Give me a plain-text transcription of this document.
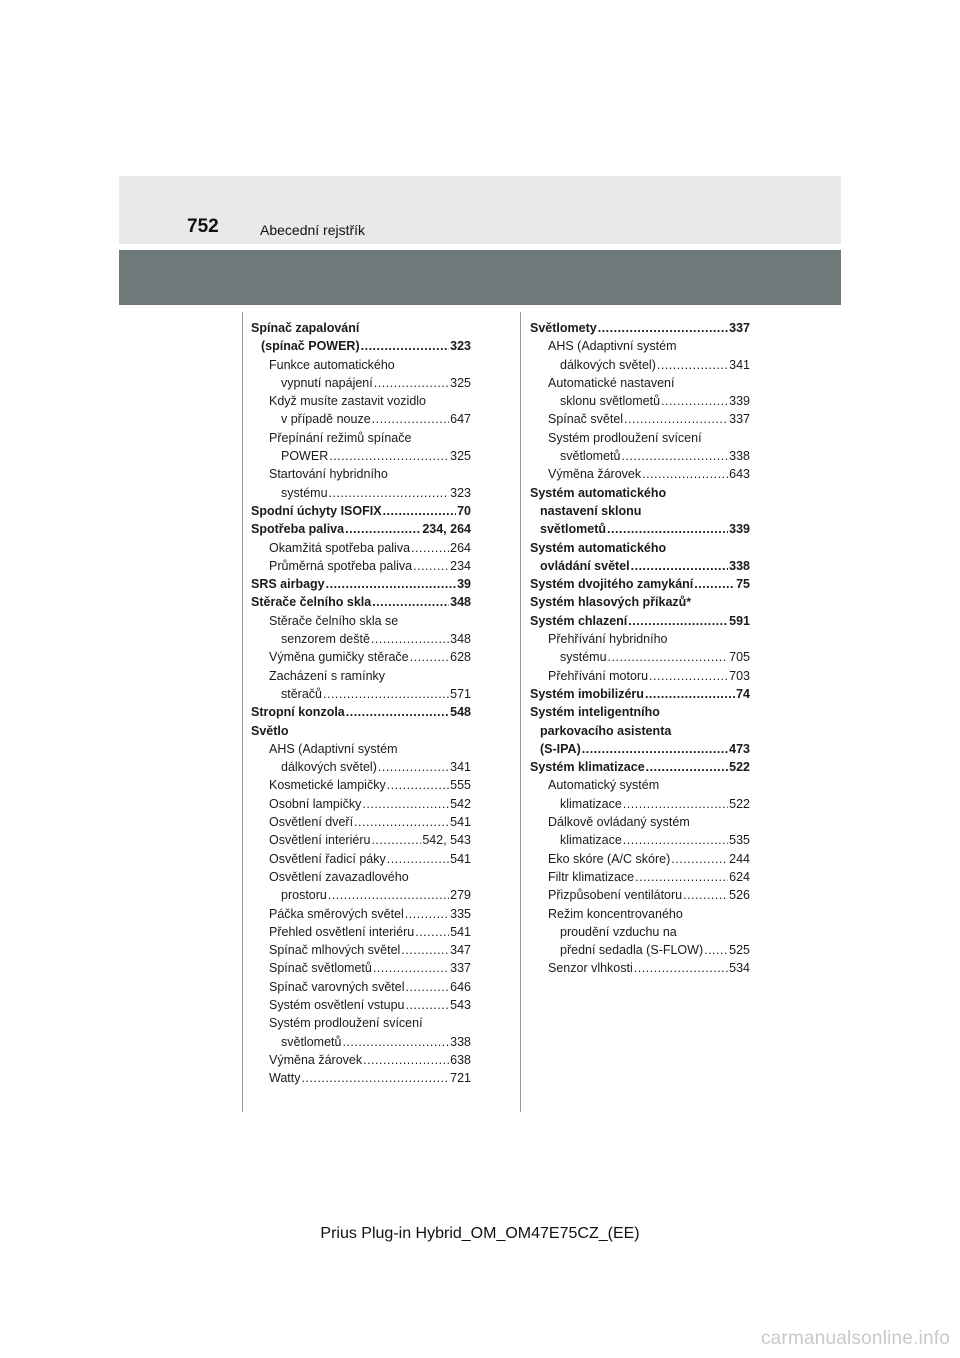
752	Abecední rejstřík
Spínač zapalování
(spínač POWER) .....	323
Funkce automatického
vypnutí napájení .....	325
Když musíte zastavit vozidlo
v případě nouze .....	647
Přepínání režimů spínače
POWER .....	325
Startování hybridního
systému .....	323
Spodní úchyty ISOFIX .....	70
Spotřeba paliva .....	234, 264
Okamžitá spotřeba paliva .....	264
Průměrná spotřeba paliva .....	234
SRS airbagy .....	39
Stěrače čelního skla .....	348
Stěrače čelního skla se
senzorem deště .....	348
Výměna gumičky stěrače .....	628
Zacházení s ramínky
stěračů .....	571
Stropní konzola .....	548
Světlo
AHS (Adaptivní systém
dálkových světel) .....	341
Kosmetické lampičky .....	555
Osobní lampičky .....	542
Osvětlení dveří .....	541
Osvětlení interiéru .....	542, 543
Osvětlení řadicí páky .....	541
Osvětlení zavazadlového
prostoru .....	279
Páčka směrových světel .....	335
Přehled osvětlení interiéru .....	541
Spínač mlhových světel .....	347
Spínač světlometů .....	337
Spínač varovných světel .....	646
Systém osvětlení vstupu .....	543
Systém prodloužení svícení
světlometů .....	338
Výměna žárovek .....	638
Watty .....	721
Světlomety .....	337
AHS (Adaptivní systém
dálkových světel) .....	341
Automatické nastavení
sklonu světlometů .....	339
Spínač světel .....	337
Systém prodloužení svícení
světlometů .....	338
Výměna žárovek .....	643
Systém automatického
nastavení sklonu
světlometů .....	339
Systém automatického
ovládání světel .....	338
Systém dvojitého zamykání .....	75
Systém hlasových příkazů *
Systém chlazení .....	591
Přehřívání hybridního
systému .....	705
Přehřívání motoru .....	703
Systém imobilizéru .....	74
Systém inteligentního
parkovacího asistenta
(S-IPA) .....	473
Systém klimatizace .....	522
Automatický systém
klimatizace .....	522
Dálkově ovládaný systém
klimatizace .....	535
Eko skóre (A/C skóre) .....	244
Filtr klimatizace .....	624
Přizpůsobení ventilátoru .....	526
Režim koncentrovaného
proudění vzduchu na
přední sedadla (S-FLOW) ..... 525
Senzor vlhkosti .....	534
Prius Plug-in Hybrid_OM_OM47E75CZ_(EE)
carmanualsonline.info
